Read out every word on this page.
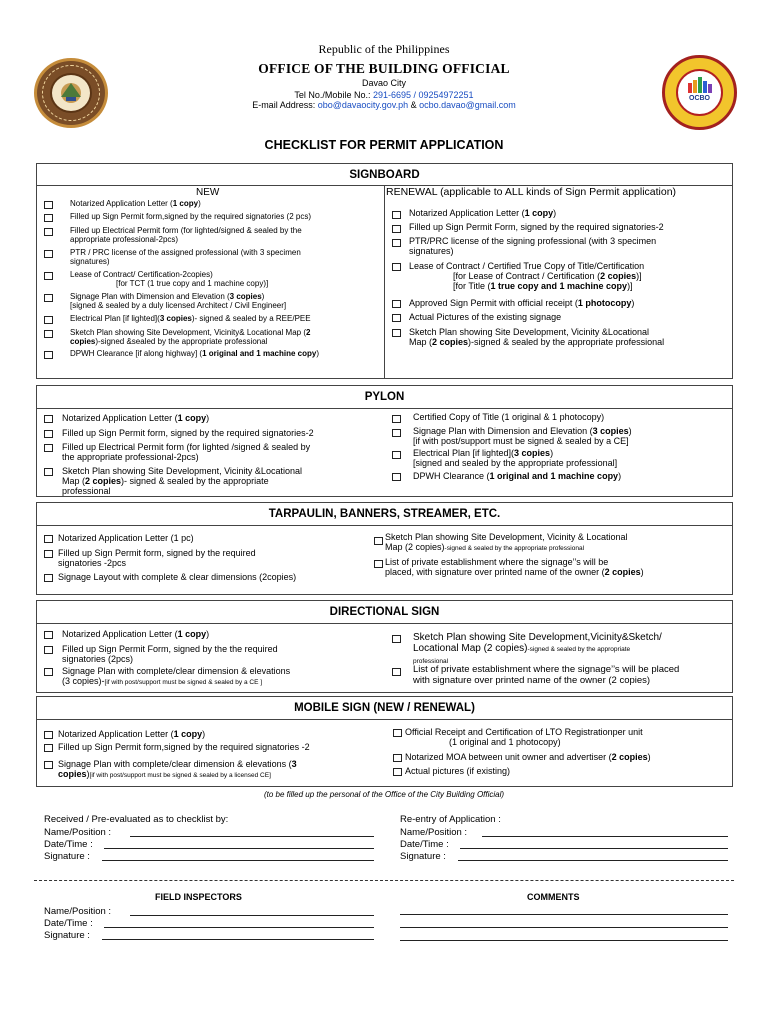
OCBO
Republic of the Philippines
OFFICE OF THE BUILDING OFFICIAL
Davao City
Tel No./Mobile No.: 291-6695 / 09254972251
E-mail Address: obo@davaocity.gov.ph & ocbo.davao@gmail.com
CHECKLIST FOR PERMIT APPLICATION
SIGNBOARD
NEW	RENEWAL (applicable to ALL kinds of Sign Permit application)
Notarized Application Letter (1 copy)
Filled up Sign Permit form,signed by the required signatories (2 pcs)
Filled up Electrical Permit form (for lighted/signed & sealed by the
appropriate professional-2pcs)
PTR / PRC license of the assigned professional (with 3 specimen
signatures)
Lease of Contract/ Certification-2copies)
[for TCT (1 true copy and 1 machine copy)]
Signage Plan with Dimension and Elevation (3 copies)
[signed & sealed by a duly licensed Architect / Civil Engineer]
Electrical Plan [if lighted](3 copies)- signed & sealed by a REE/PEE
Sketch Plan showing Site Development, Vicinity& Locational Map (2
copies)-signed &sealed by the appropriate professional
DPWH Clearance [if along highway] (1 original and 1 machine copy)
Notarized Application Letter (1 copy)
Filled up Sign Permit Form, signed by the required signatories-2
PTR/PRC license of the signing professional (with 3 specimen
signatures)
Lease of Contract / Certified True Copy of Title/Certification
[for Lease of Contract / Certification (2 copies)]
[for Title (1 true copy and 1 machine copy)]
Approved Sign Permit with official receipt (1 photocopy)
Actual Pictures of the existing signage
Sketch Plan showing Site Development, Vicinity &Locational
Map (2 copies)-signed & sealed by the appropriate professional
PYLON
Notarized Application Letter (1 copy)
Filled up Sign Permit form, signed by the required signatories-2
Filled up Electrical Permit form (for lighted /signed & sealed by
the appropriate professional-2pcs)
Sketch Plan showing Site Development, Vicinity &Locational
Map (2 copies)- signed & sealed by the appropriate
professional
Certified Copy of Title (1 original & 1 photocopy)
Signage Plan with Dimension and Elevation (3 copies)
[if with post/support must be signed & sealed by a CE]
Electrical Plan [if lighted](3 copies)
[signed and sealed by the appropriate professional]
DPWH Clearance (1 original and 1 machine copy)
TARPAULIN, BANNERS, STREAMER, ETC.
Notarized Application Letter (1 pc)
Filled up Sign Permit form, signed by the required
signatories -2pcs
Signage Layout with complete & clear dimensions (2copies)
Sketch Plan showing Site Development, Vicinity & Locational
Map (2 copies)-signed & sealed by the appropriate professional
List of private establishment where the signage’’s will be
placed, with signature over printed name of the owner (2 copies)
DIRECTIONAL SIGN
Notarized Application Letter (1 copy)
Filled up Sign Permit Form, signed by the the required
signatories (2pcs)
Signage Plan with complete/clear dimension & elevations
(3 copies)-[if with post/support must be signed & sealed by a CE ]
Sketch Plan showing Site Development,Vicinity&Sketch/
Locational Map (2 copies)-signed & sealed by the appropriate
professional
List of private establishment where the signage’’s will be placed
with signature over printed name of the owner (2 copies)
MOBILE SIGN (NEW / RENEWAL)
Notarized Application Letter (1 copy)
Filled up Sign Permit form,signed by the required signatories -2
Signage Plan with complete/clear dimension & elevations (3
copies)[if with post/support must be signed & sealed by a licensed CE]
Official Receipt and Certification of LTO Registrationper unit
(1 original and 1 photocopy)
Notarized MOA between unit owner and advertiser (2 copies)
Actual pictures (if existing)
(to be filled up the personal of the Office of the City Building Official)
Received / Pre-evaluated as to checklist by:
Name/Position :
Date/Time :
Signature :
Re-entry of Application :
Name/Position :
Date/Time :
Signature :
FIELD INSPECTORS
Name/Position :
Date/Time :
Signature :
COMMENTS
